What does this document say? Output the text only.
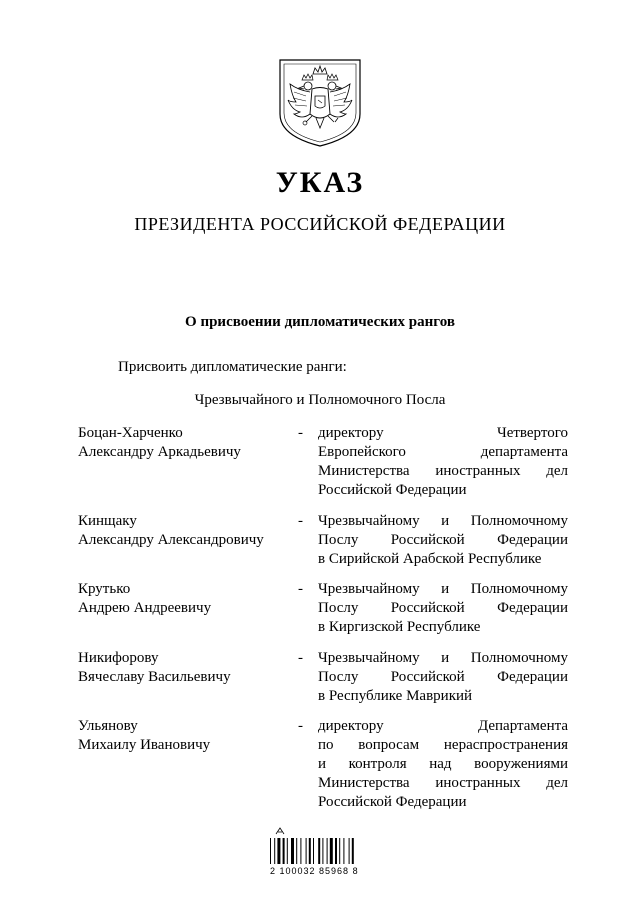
УКАЗ
ПРЕЗИДЕНТА РОССИЙСКОЙ ФЕДЕРАЦИИ
О присвоении дипломатических рангов
Присвоить дипломатические ранги:
Чрезвычайного и Полномочного Посла
Боцан-Харченко
Александру Аркадьевичу
- директору Четвертого
Европейского департамента
Министерства иностранных дел
Российской Федерации
Кинщаку
Александру Александровичу
- Чрезвычайному и Полномочному
Послу Российской Федерации
в Сирийской Арабской Республике
Крутько
Андрею Андреевичу
- Чрезвычайному и Полномочному
Послу Российской Федерации
в Киргизской Республике
Никифорову
Вячеславу Васильевичу
- Чрезвычайному и Полномочному
Послу Российской Федерации
в Республике Маврикий
Ульянову
Михаилу Ивановичу
- директору Департамента
по вопросам нераспространения
и контроля над вооружениями
Министерства иностранных дел
Российской Федерации
2 100032 85968 8
